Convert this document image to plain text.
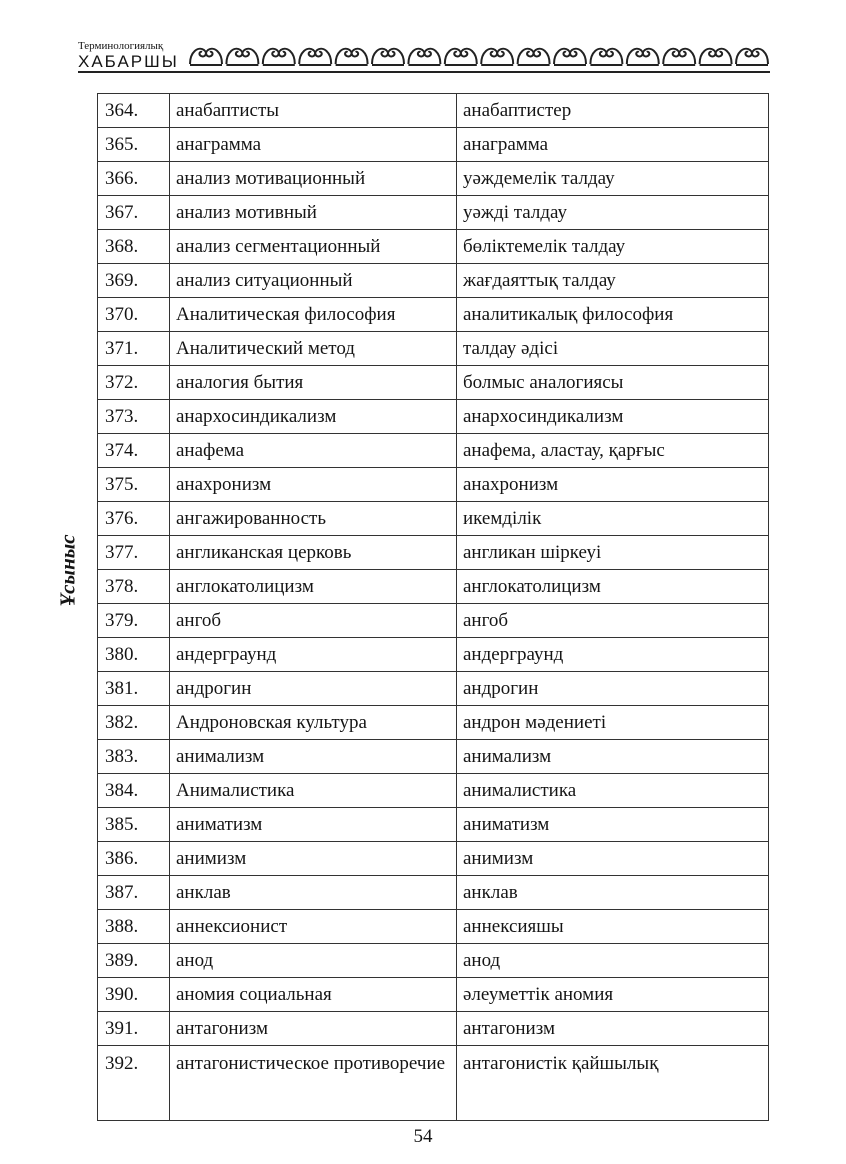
Терминологиялық
ХАБАРШЫ
Ұсыныс
364.	анабаптисты	анабаптистер
365.	анаграмма	анаграмма
366.	анализ мотивационный	уәждемелік талдау
367.	анализ мотивный	уәжді талдау
368.	анализ сегментационный	бөліктемелік талдау
369.	анализ ситуационный	жағдаяттық талдау
370.	Аналитическая философия	аналитикалық философия
371.	Аналитический метод	талдау әдісі
372.	аналогия бытия	болмыс аналогиясы
373.	анархосиндикализм	анархосиндикализм
374.	анафема	анафема, аластау, қарғыс
375.	анахронизм	анахронизм
376.	ангажированность	икемділік
377.	англиканская церковь	англикан шіркеуі
378.	англокатолицизм	англокатолицизм
379.	ангоб	ангоб
380.	андерграунд	андерграунд
381.	андрогин	андрогин
382.	Андроновская культура	андрон мәдениеті
383.	анимализм	анимализм
384.	Анималистика	анималистика
385.	аниматизм	аниматизм
386.	анимизм	анимизм
387.	анклав	анклав
388.	аннексионист	аннексияшы
389.	анод	анод
390.	аномия социальная	әлеуметтік аномия
391.	антагонизм	антагонизм
392.	антагонистическое противоречие	антагонистік қайшылық
54
